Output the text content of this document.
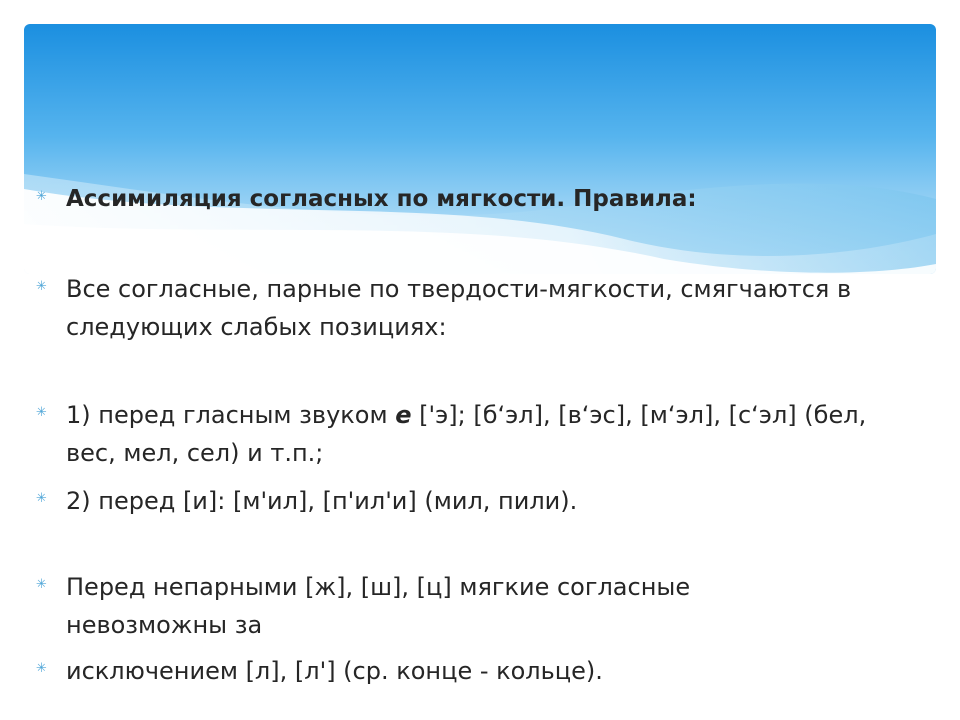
✳ Ассимиляция согласных по мягкости. Правила:
✳ Все согласные, парные по твердости-мягкости, смягчаются в следующих слабых позициях:
✳ 1) перед гласным звуком е ['э]; [б‘эл], [в‘эс], [м‘эл], [с‘эл] (бел, вес, мел, сел) и т.п.;
✳ 2) перед [и]: [м'ил], [п'ил'и] (мил, пили).
✳ Перед непарными [ж], [ш], [ц] мягкие согласные невозможны за
✳ исключением [л], [л'] (ср. конце - кольце).
